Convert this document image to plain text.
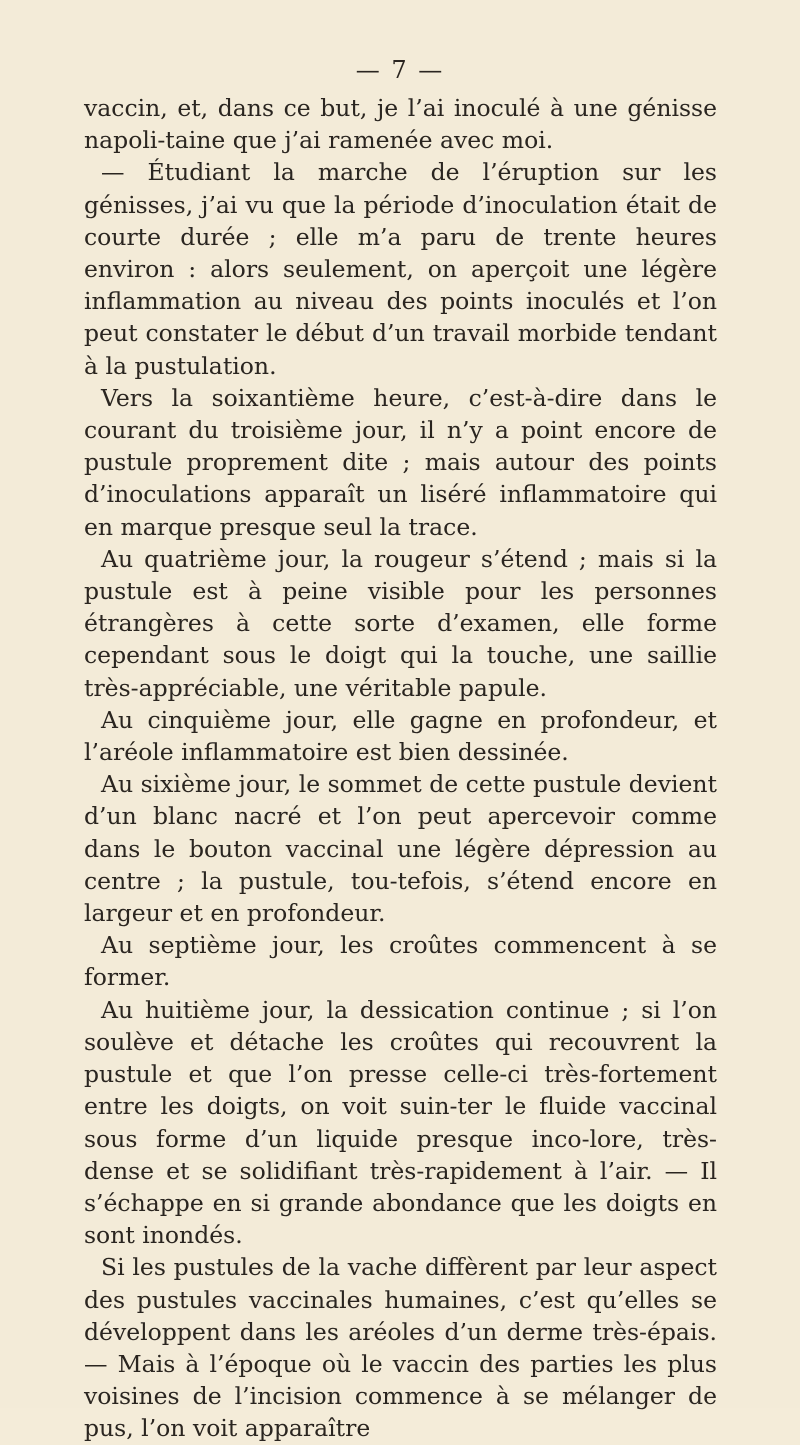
— 7 —

vaccin, et, dans ce but, je l’ai inoculé à une génisse napoli-taine que j’ai ramenée avec moi.

— Étudiant la marche de l’éruption sur les génisses, j’ai vu que la période d’inoculation était de courte durée ; elle m’a paru de trente heures environ : alors seulement, on aperçoit une légère inflammation au niveau des points inoculés et l’on peut constater le début d’un travail morbide tendant à la pustulation.

Vers la soixantième heure, c’est-à-dire dans le courant du troisième jour, il n’y a point encore de pustule proprement dite ; mais autour des points d’inoculations apparaît un liséré inflammatoire qui en marque presque seul la trace.

Au quatrième jour, la rougeur s’étend ; mais si la pustule est à peine visible pour les personnes étrangères à cette sorte d’examen, elle forme cependant sous le doigt qui la touche, une saillie très-appréciable, une véritable papule.

Au cinquième jour, elle gagne en profondeur, et l’aréole inflammatoire est bien dessinée.

Au sixième jour, le sommet de cette pustule devient d’un blanc nacré et l’on peut apercevoir comme dans le bouton vaccinal une légère dépression au centre ; la pustule, tou-tefois, s’étend encore en largeur et en profondeur.

Au septième jour, les croûtes commencent à se former.

Au huitième jour, la dessication continue ; si l’on soulève et détache les croûtes qui recouvrent la pustule et que l’on presse celle-ci très-fortement entre les doigts, on voit suin-ter le fluide vaccinal sous forme d’un liquide presque inco-lore, très-dense et se solidifiant très-rapidement à l’air. — Il s’échappe en si grande abondance que les doigts en sont inondés.

Si les pustules de la vache diffèrent par leur aspect des pustules vaccinales humaines, c’est qu’elles se développent dans les aréoles d’un derme très-épais. — Mais à l’époque où le vaccin des parties les plus voisines de l’incision commence à se mélanger de pus, l’on voit apparaître
